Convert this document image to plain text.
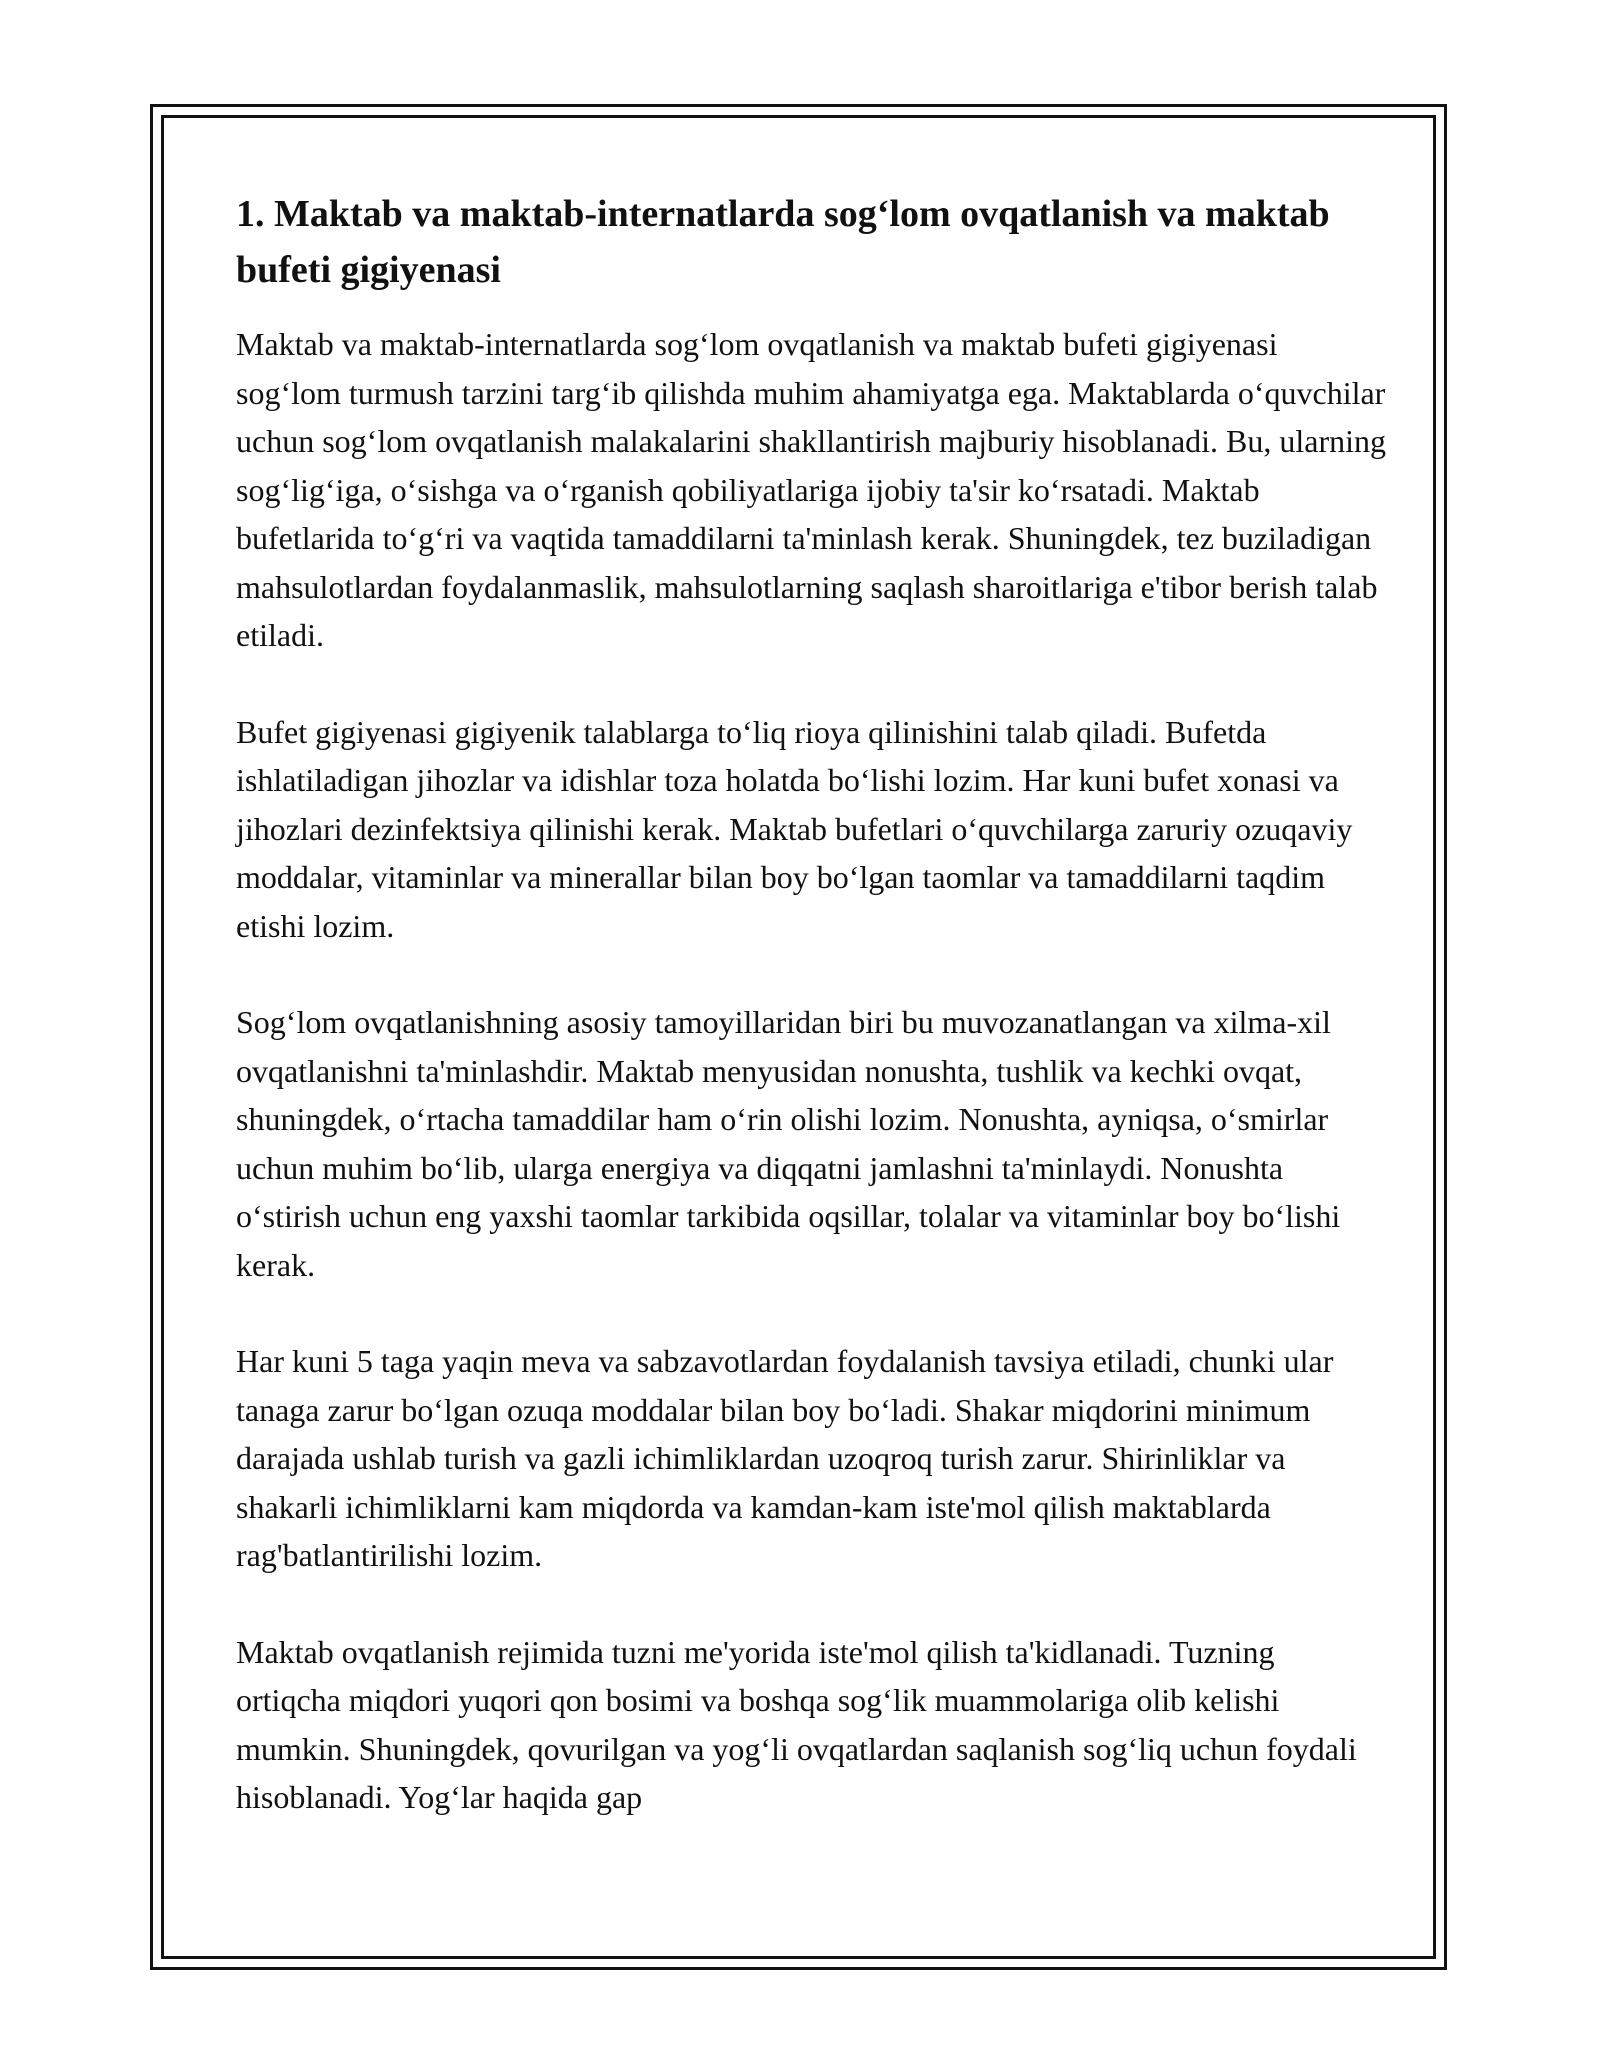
1. Maktab va maktab-internatlarda sog‘lom ovqatlanish va maktab bufeti gigiyenasi

Maktab va maktab-internatlarda sog‘lom ovqatlanish va maktab bufeti gigiyenasi sog‘lom turmush tarzini targ‘ib qilishda muhim ahamiyatga ega. Maktablarda o‘quvchilar uchun sog‘lom ovqatlanish malakalarini shakllantirish majburiy hisoblanadi. Bu, ularning sog‘lig‘iga, o‘sishga va o‘rganish qobiliyatlariga ijobiy ta'sir ko‘rsatadi. Maktab bufetlarida to‘g‘ri va vaqtida tamaddilarni ta'minlash kerak. Shuningdek, tez buziladigan mahsulotlardan foydalanmaslik, mahsulotlarning saqlash sharoitlariga e'tibor berish talab etiladi.

Bufet gigiyenasi gigiyenik talablarga to‘liq rioya qilinishini talab qiladi. Bufetda ishlatiladigan jihozlar va idishlar toza holatda bo‘lishi lozim. Har kuni bufet xonasi va jihozlari dezinfektsiya qilinishi kerak. Maktab bufetlari o‘quvchilarga zaruriy ozuqaviy moddalar, vitaminlar va minerallar bilan boy bo‘lgan taomlar va tamaddilarni taqdim etishi lozim.

Sog‘lom ovqatlanishning asosiy tamoyillaridan biri bu muvozanatlangan va xilma-xil ovqatlanishni ta'minlashdir. Maktab menyusidan nonushta, tushlik va kechki ovqat, shuningdek, o‘rtacha tamaddilar ham o‘rin olishi lozim. Nonushta, ayniqsa, o‘smirlar uchun muhim bo‘lib, ularga energiya va diqqatni jamlashni ta'minlaydi. Nonushta o‘stirish uchun eng yaxshi taomlar tarkibida oqsillar, tolalar va vitaminlar boy bo‘lishi kerak.

Har kuni 5 taga yaqin meva va sabzavotlardan foydalanish tavsiya etiladi, chunki ular tanaga zarur bo‘lgan ozuqa moddalar bilan boy bo‘ladi. Shakar miqdorini minimum darajada ushlab turish va gazli ichimliklardan uzoqroq turish zarur. Shirinliklar va shakarli ichimliklarni kam miqdorda va kamdan-kam iste'mol qilish maktablarda rag'batlantirilishi lozim.

Maktab ovqatlanish rejimida tuzni me'yorida iste'mol qilish ta'kidlanadi. Tuzning ortiqcha miqdori yuqori qon bosimi va boshqa sog‘lik muammolariga olib kelishi mumkin. Shuningdek, qovurilgan va yog‘li ovqatlardan saqlanish sog‘liq uchun foydali hisoblanadi. Yog‘lar haqida gap
